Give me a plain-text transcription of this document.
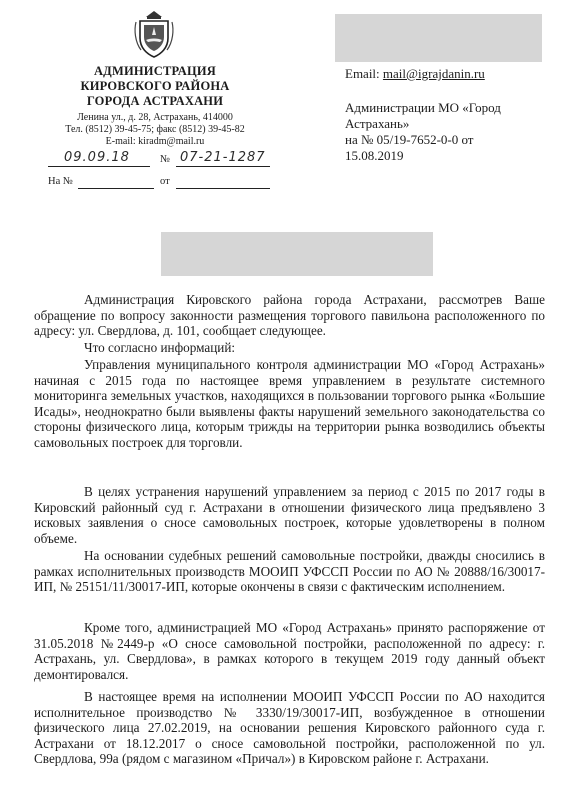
АДМИНИСТРАЦИЯ
КИРОВСКОГО РАЙОНА
ГОРОДА АСТРАХАНИ
Ленина ул., д. 28, Астрахань, 414000
Тел. (8512) 39-45-75; факс (8512) 39-45-82
E-mail: kiradm@mail.ru
09.09.18	№ 07-21-1287
На №	от
Email: mail@igrajdanin.ru
Администрации МО «Город
Астрахань»
на № 05/19-7652-0-0 от
15.08.2019

Администрация Кировского района города Астрахани, рассмотрев Ваше обращение по вопросу законности размещения торгового павильона расположенного по адресу: ул. Свердлова, д. 101, сообщает следующее.

Что согласно информаций:

Управления муниципального контроля администрации МО «Город Астрахань» начиная с 2015 года по настоящее время управлением в результате системного мониторинга земельных участков, находящихся в пользовании торгового рынка «Большие Исады», неоднократно были выявлены факты нарушений земельного законодательства со стороны физического лица, которым трижды на территории рынка возводились объекты самовольных построек для торговли.

В целях устранения нарушений управлением за период с 2015 по 2017 годы в Кировский районный суд г. Астрахани в отношении физического лица предъявлено 3 исковых заявления о сносе самовольных построек, которые удовлетворены в полном объеме.

На основании судебных решений самовольные постройки, дважды сносились в рамках исполнительных производств МООИП УФССП России по АО № 20888/16/30017-ИП, № 25151/11/30017-ИП, которые окончены в связи с фактическим исполнением.

Кроме того, администрацией МО «Город Астрахань» принято распоряжение от 31.05.2018 №2449-р «О сносе самовольной постройки, расположенной по адресу: г. Астрахань, ул. Свердлова», в рамках которого в текущем 2019 году данный объект демонтировался.

В настоящее время на исполнении МООИП УФССП России по АО находится исполнительное производство № 3330/19/30017-ИП, возбужденное в отношении физического лица 27.02.2019, на основании решения Кировского районного суда г. Астрахани от 18.12.2017 о сносе самовольной постройки, расположенной по ул. Свердлова, 99а (рядом с магазином «Причал») в Кировском районе г. Астрахани.
